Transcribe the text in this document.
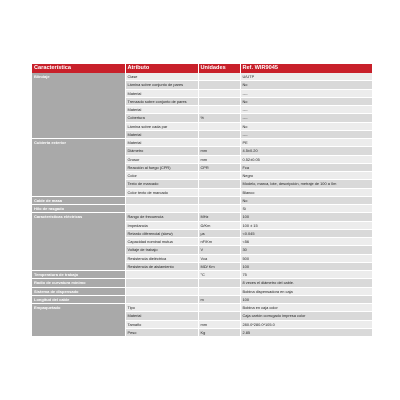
Característica	Atributo	Unidades	Ref. WIR9045
Blindaje	Clase		U/UTP
	Lámina sobre conjunto de pares		No
	Material		----
	Trenzado sobre conjunto de pares		No
	Material		----
	Cobertura	%	----
	Lámina sobre cada par		No
	Material		----
Cubierta exterior	Material		PE
	Diámetro	mm	4.5±0.20
	Grosor	mm	0.52±0.05
	Reacción al fuego (CPR)	CPR	Fca
	Color		Negro
	Texto de marcado		Modelo, marca, lote, descripción, metraje de 100 a 0m
	Color texto de marcado		Blanco
Cable de masa			No
Hilo de rasgado			Sí
Características eléctricas	Rango de frecuencia	MHz	100
	Impedancia	Ω/Km	100 ± 15
	Retardo diferencial (skew)	μs	<0.045
	Capacidad nominal mutua	nF/Km	<56
	Voltaje de trabajo	V	30
	Resistencia dieléctrica	Vca	500
	Resistencia de aislamiento	MΩ/ Km	100
Temperatura de trabajo		°C	75
Radio de curvatura mínimo			8 veces el diámetro del cable.
Sistema de dispensado			Bobina dispensadora en caja
Longitud del cable		m	100
Empaquetado	Tipo		Bobina en caja color
	Material		Caja cartón corrugado impresa color
	Tamaño	mm	280.0*280.0*105.0
	Peso	Kg	2.85
